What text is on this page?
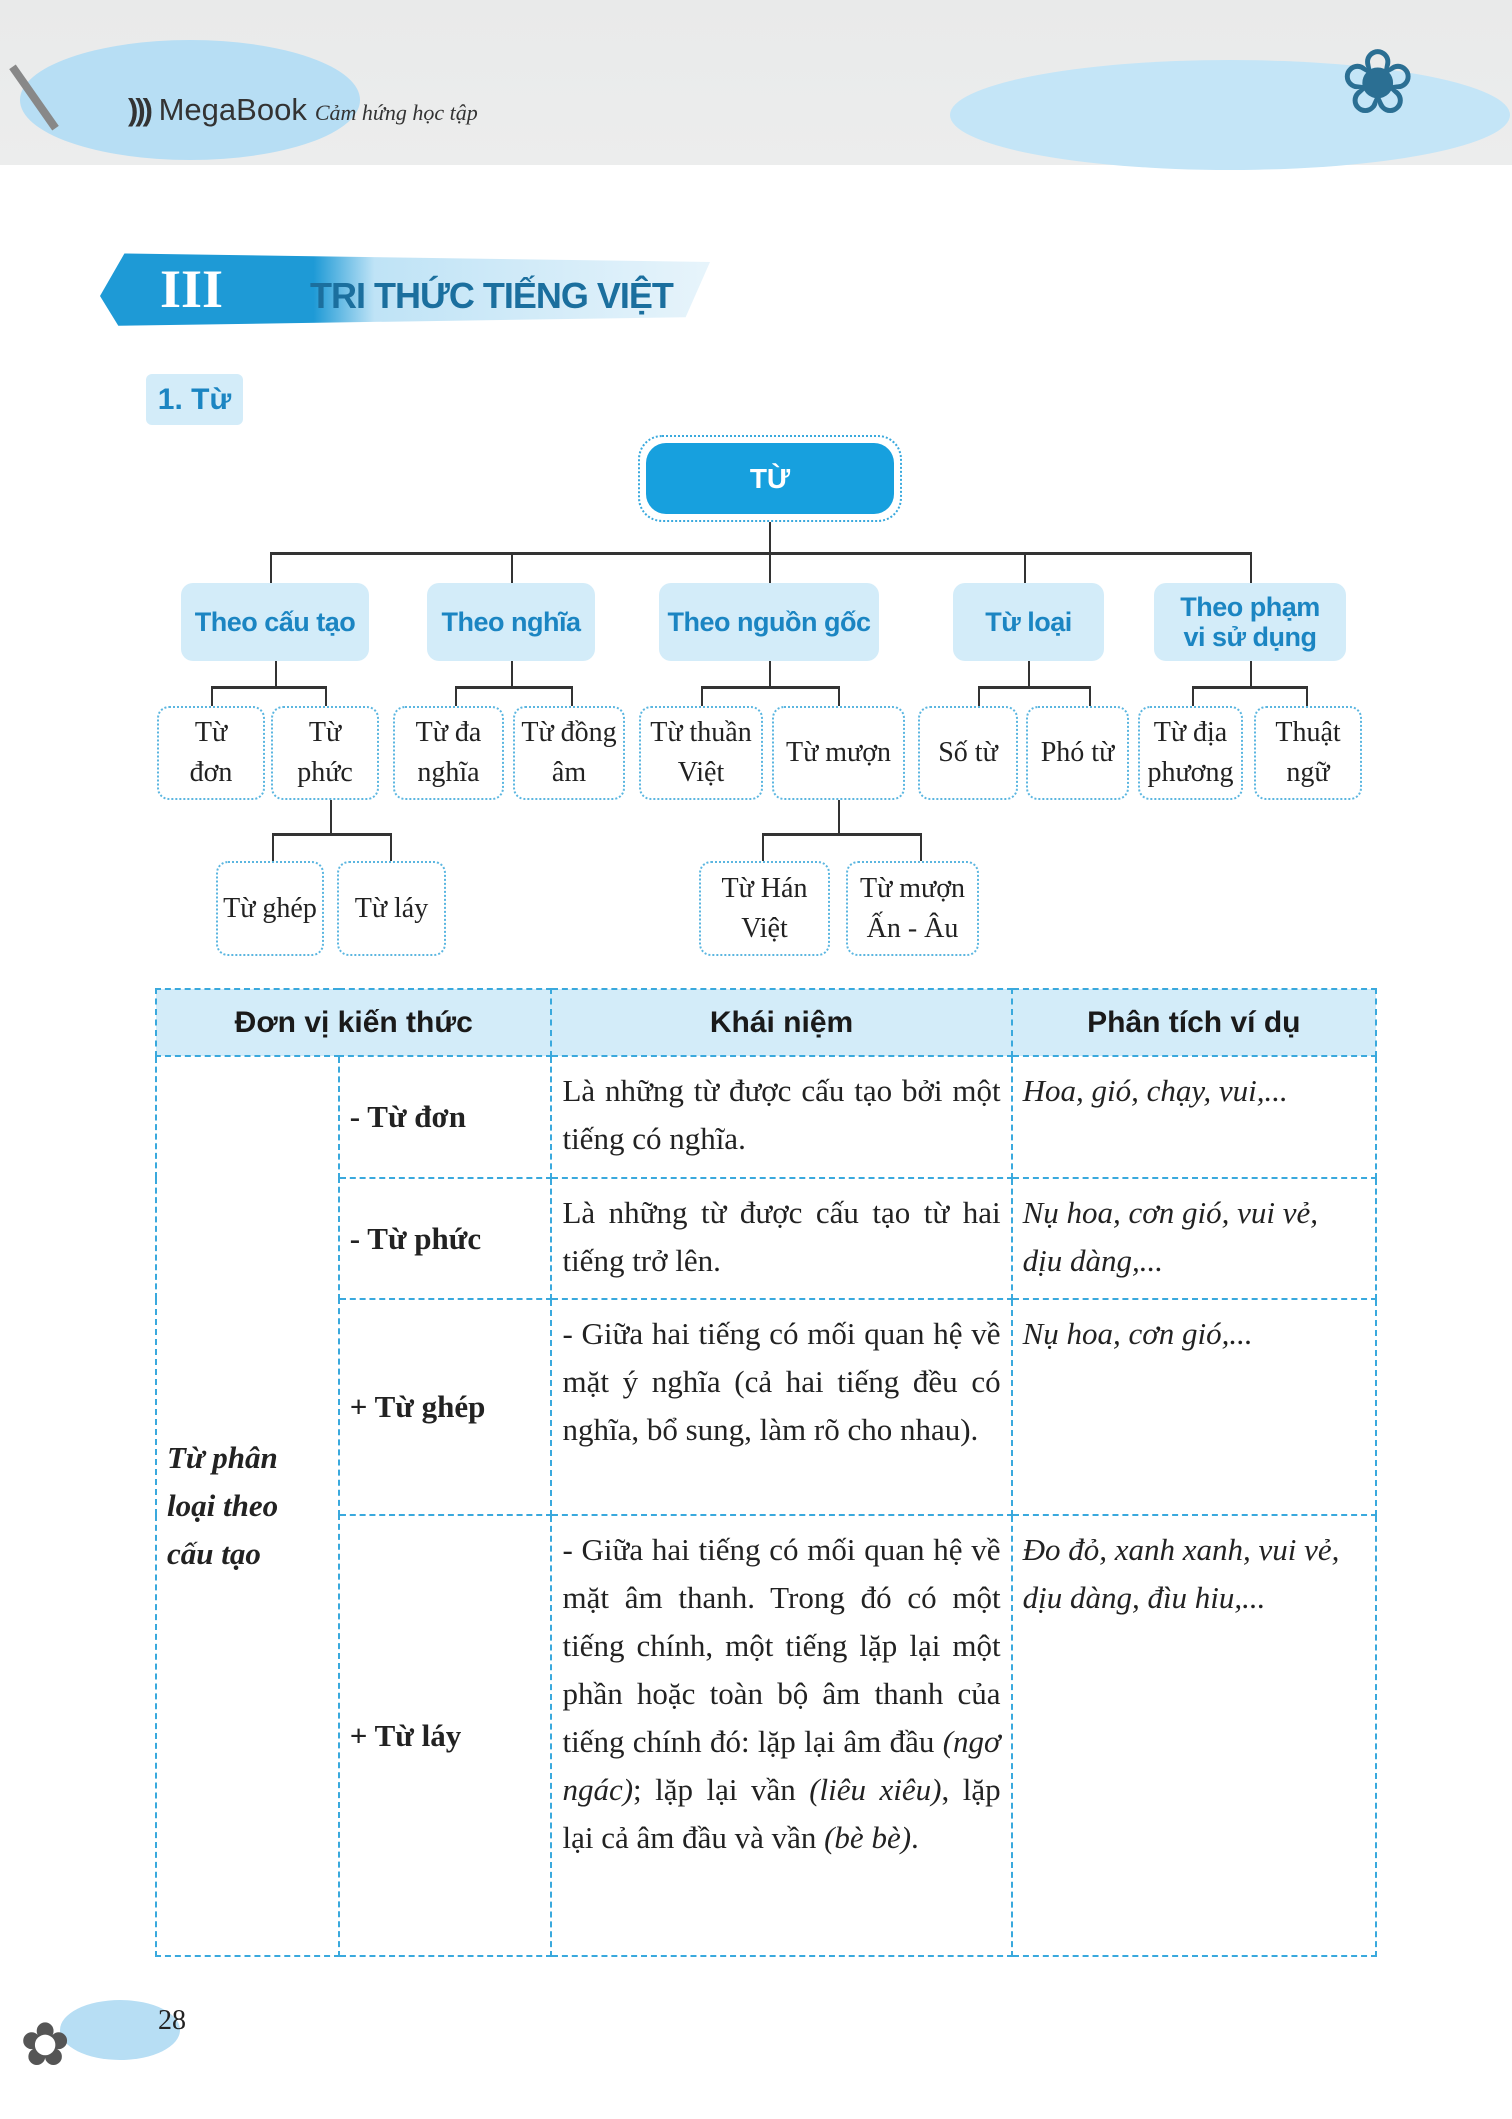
❀
))) MegaBook Cảm hứng học tập
III TRI THỨC TIẾNG VIỆT
1. Từ
TỪ
Theo cấu tạo	Theo nghĩa	Theo nguồn gốc	Từ loại	Theo phạm vi sử dụng
Từ đơn
Từ phức
Từ đa nghĩa
Từ đồng âm
Từ thuần Việt
Từ mượn	Số từ	Phó từ
Từ địa phương
Thuật ngữ
Từ ghép	Từ láy
Từ Hán Việt
Từ mượn Ấn - Âu
Đơn vị kiến thức		Khái niệm	Phân tích ví dụ
Từ phân loại theo cấu tạo	- Từ đơn	Là những từ được cấu tạo bởi một tiếng có nghĩa.	Hoa, gió, chạy, vui,...
	- Từ phức	Là những từ được cấu tạo từ hai tiếng trở lên.	Nụ hoa, cơn gió, vui vẻ, dịu dàng,...
	+ Từ ghép	- Giữa hai tiếng có mối quan hệ về mặt ý nghĩa (cả hai tiếng đều có nghĩa, bổ sung, làm rõ cho nhau).	Nụ hoa, cơn gió,...
	+ Từ láy	- Giữa hai tiếng có mối quan hệ về mặt âm thanh. Trong đó có một tiếng chính, một tiếng lặp lại một phần hoặc toàn bộ âm thanh của tiếng chính đó: lặp lại âm đầu (ngơ ngác); lặp lại vần (liêu xiêu), lặp lại cả âm đầu và vần (bè bè).	Đo đỏ, xanh xanh, vui vẻ, dịu dàng, đìu hiu,...
✿	28
